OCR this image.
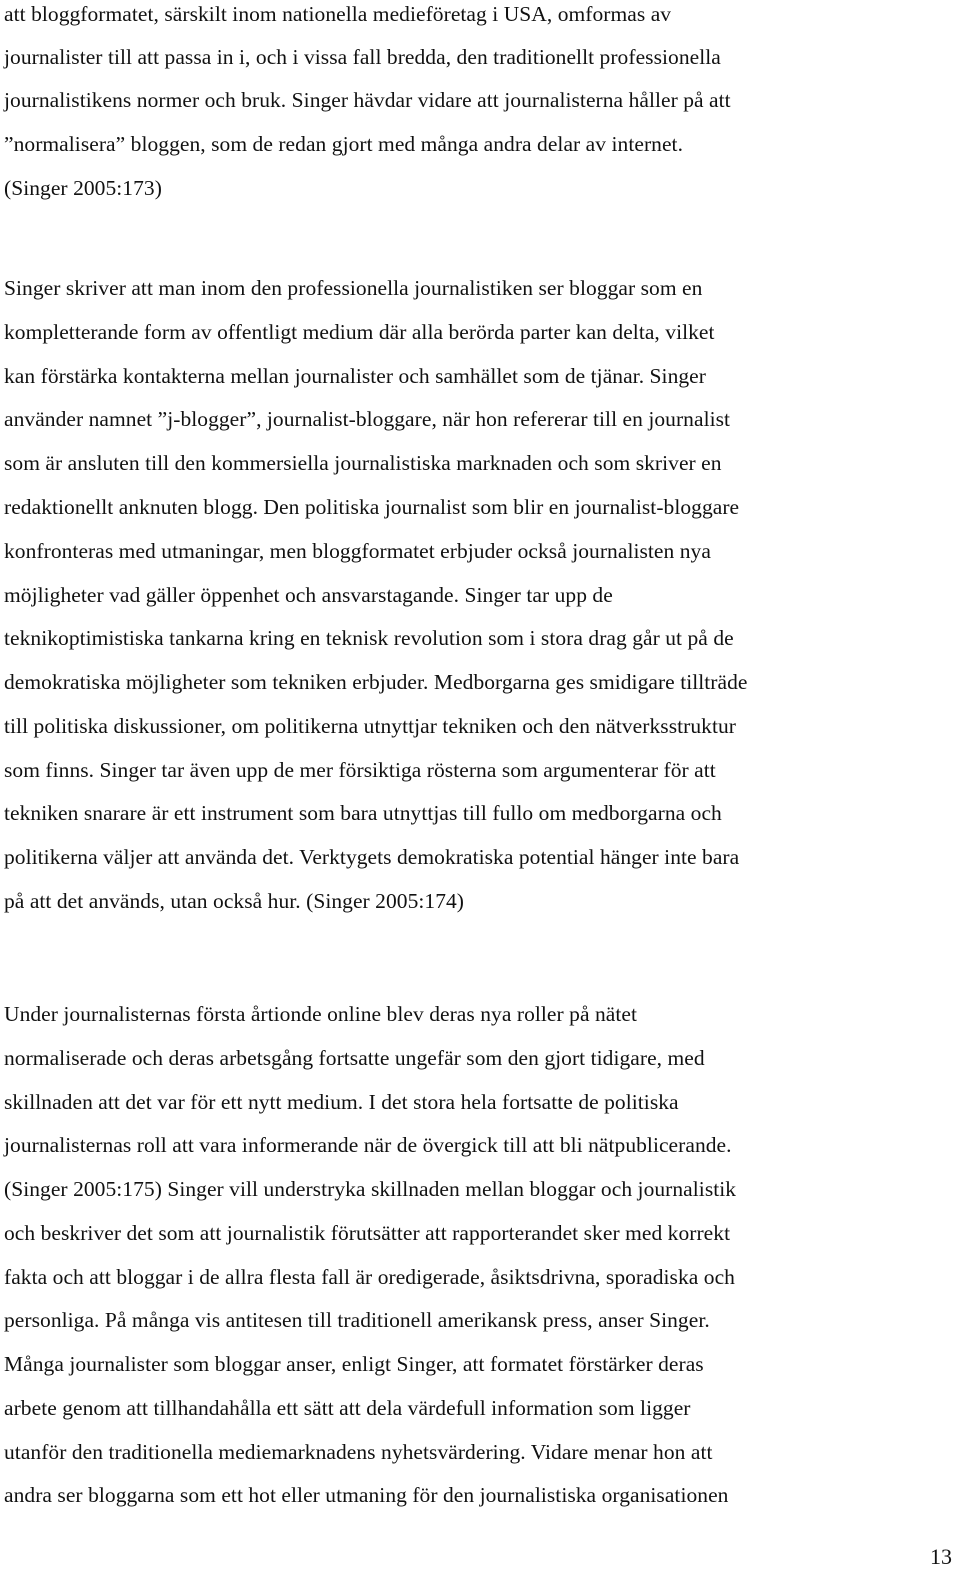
att bloggformatet, särskilt inom nationella medieföretag i USA, omformas av
journalister till att passa in i, och i vissa fall bredda, den traditionellt professionella
journalistikens normer och bruk. Singer hävdar vidare att journalisterna håller på att
”normalisera” bloggen, som de redan gjort med många andra delar av internet.
(Singer 2005:173)
Singer skriver att man inom den professionella journalistiken ser bloggar som en
kompletterande form av offentligt medium där alla berörda parter kan delta, vilket
kan förstärka kontakterna mellan journalister och samhället som de tjänar. Singer
använder namnet ”j-blogger”, journalist-bloggare, när hon refererar till en journalist
som är ansluten till den kommersiella journalistiska marknaden och som skriver en
redaktionellt anknuten blogg. Den politiska journalist som blir en journalist-bloggare
konfronteras med utmaningar, men bloggformatet erbjuder också journalisten nya
möjligheter vad gäller öppenhet och ansvarstagande. Singer tar upp de
teknikoptimistiska tankarna kring en teknisk revolution som i stora drag går ut på de
demokratiska möjligheter som tekniken erbjuder. Medborgarna ges smidigare tillträde
till politiska diskussioner, om politikerna utnyttjar tekniken och den nätverksstruktur
som finns. Singer tar även upp de mer försiktiga rösterna som argumenterar för att
tekniken snarare är ett instrument som bara utnyttjas till fullo om medborgarna och
politikerna väljer att använda det. Verktygets demokratiska potential hänger inte bara
på att det används, utan också hur. (Singer 2005:174)
Under journalisternas första årtionde online blev deras nya roller på nätet
normaliserade och deras arbetsgång fortsatte ungefär som den gjort tidigare, med
skillnaden att det var för ett nytt medium. I det stora hela fortsatte de politiska
journalisternas roll att vara informerande när de övergick till att bli nätpublicerande.
(Singer 2005:175) Singer vill understryka skillnaden mellan bloggar och journalistik
och beskriver det som att journalistik förutsätter att rapporterandet sker med korrekt
fakta och att bloggar i de allra flesta fall är oredigerade, åsiktsdrivna, sporadiska och
personliga. På många vis antitesen till traditionell amerikansk press, anser Singer.
Många journalister som bloggar anser, enligt Singer, att formatet förstärker deras
arbete genom att tillhandahålla ett sätt att dela värdefull information som ligger
utanför den traditionella mediemarknadens nyhetsvärdering. Vidare menar hon att
andra ser bloggarna som ett hot eller utmaning för den journalistiska organisationen
13
